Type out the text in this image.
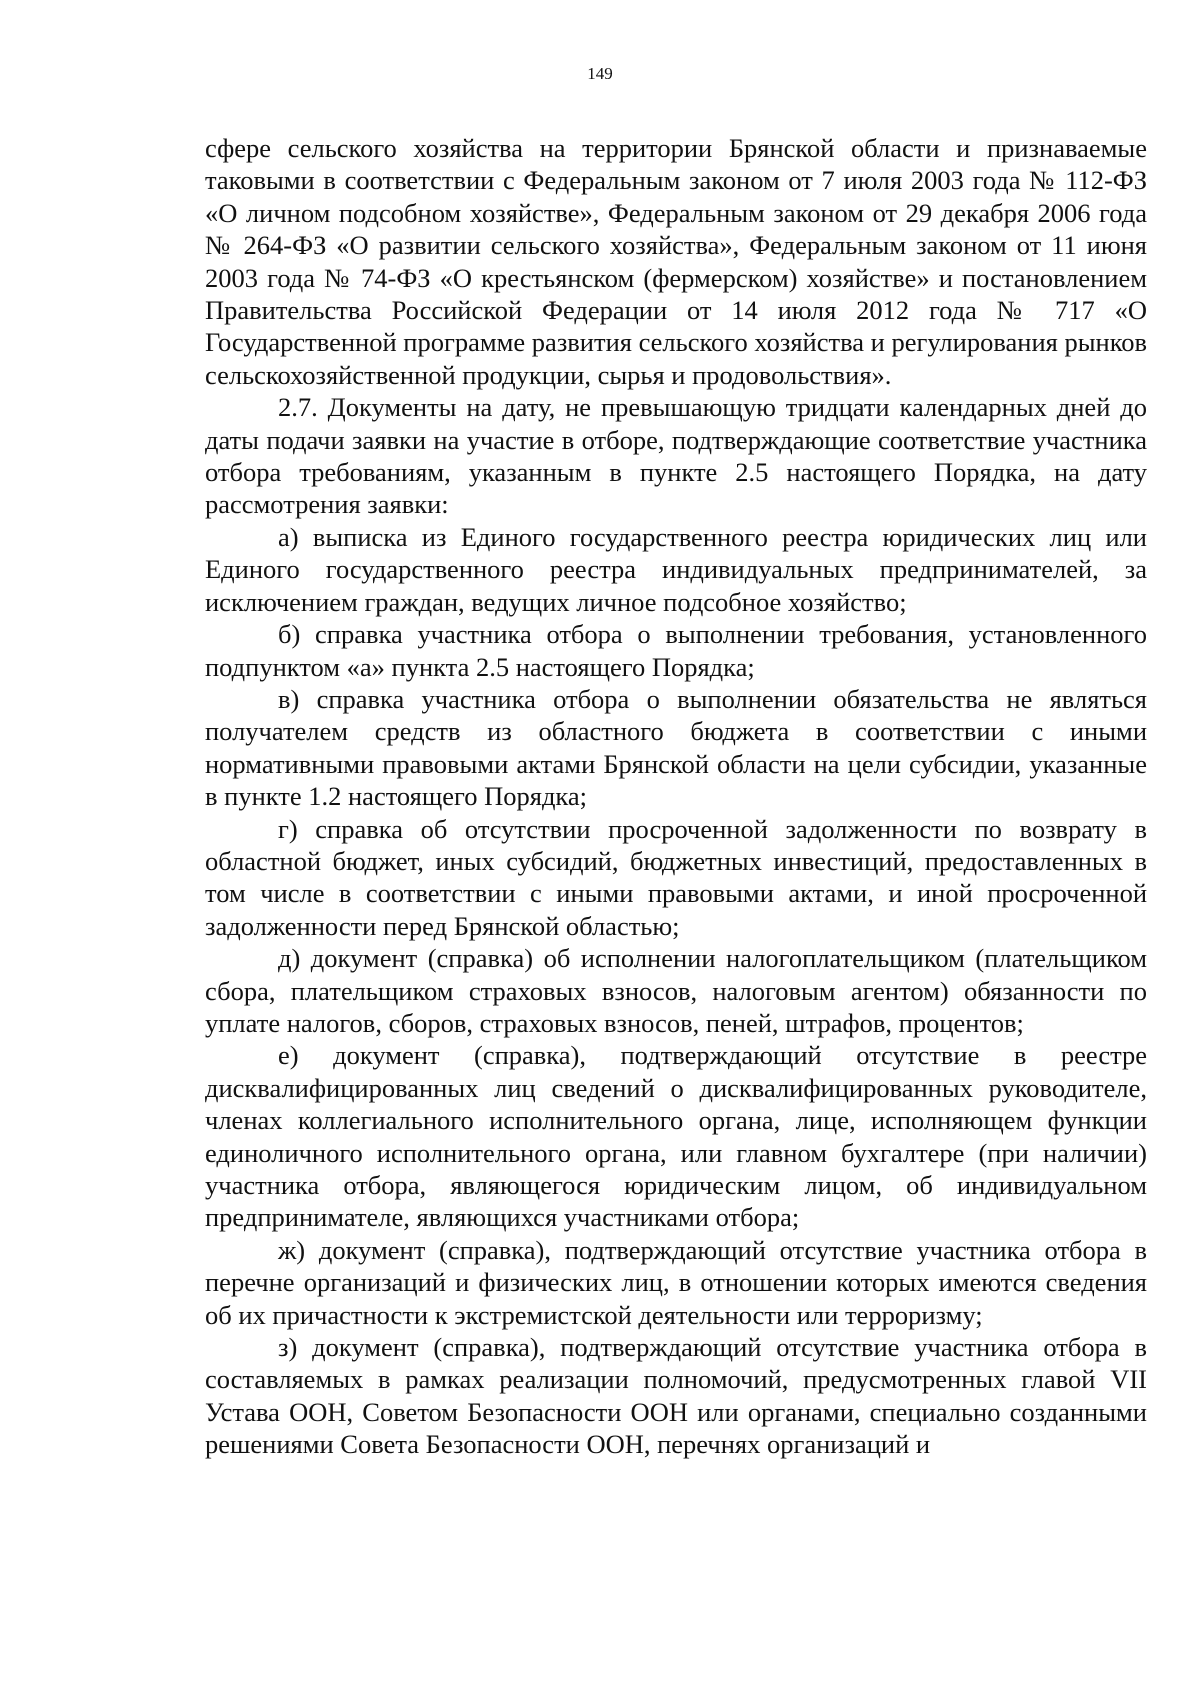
149

сфере сельского хозяйства на территории Брянской области и признаваемые таковыми в соответствии с Федеральным законом от 7 июля 2003 года № 112-ФЗ «О личном подсобном хозяйстве», Федеральным законом от 29 декабря 2006 года № 264-ФЗ «О развитии сельского хозяйства», Федеральным законом от 11 июня 2003 года № 74-ФЗ «О крестьянском (фермерском) хозяйстве» и постановлением Правительства Российской Федерации от 14 июля 2012 года № 717 «О Государственной программе развития сельского хозяйства и регулирования рынков сельскохозяйственной продукции, сырья и продовольствия».

2.7. Документы на дату, не превышающую тридцати календарных дней до даты подачи заявки на участие в отборе, подтверждающие соответствие участника отбора требованиям, указанным в пункте 2.5 настоящего Порядка, на дату рассмотрения заявки:

а) выписка из Единого государственного реестра юридических лиц или Единого государственного реестра индивидуальных предпринимателей, за исключением граждан, ведущих личное подсобное хозяйство;

б) справка участника отбора о выполнении требования, установленного подпунктом «а» пункта 2.5 настоящего Порядка;

в) справка участника отбора о выполнении обязательства не являться получателем средств из областного бюджета в соответствии с иными нормативными правовыми актами Брянской области на цели субсидии, указанные в пункте 1.2 настоящего Порядка;

г) справка об отсутствии просроченной задолженности по возврату в областной бюджет, иных субсидий, бюджетных инвестиций, предоставленных в том числе в соответствии с иными правовыми актами, и иной просроченной задолженности перед Брянской областью;

д) документ (справка) об исполнении налогоплательщиком (плательщиком сбора, плательщиком страховых взносов, налоговым агентом) обязанности по уплате налогов, сборов, страховых взносов, пеней, штрафов, процентов;

е) документ (справка), подтверждающий отсутствие в реестре дисквалифицированных лиц сведений о дисквалифицированных руководителе, членах коллегиального исполнительного органа, лице, исполняющем функции единоличного исполнительного органа, или главном бухгалтере (при наличии) участника отбора, являющегося юридическим лицом, об индивидуальном предпринимателе, являющихся участниками отбора;

ж) документ (справка), подтверждающий отсутствие участника отбора в перечне организаций и физических лиц, в отношении которых имеются сведения об их причастности к экстремистской деятельности или терроризму;

з) документ (справка), подтверждающий отсутствие участника отбора в составляемых в рамках реализации полномочий, предусмотренных главой VII Устава ООН, Советом Безопасности ООН или органами, специально созданными решениями Совета Безопасности ООН, перечнях организаций и
